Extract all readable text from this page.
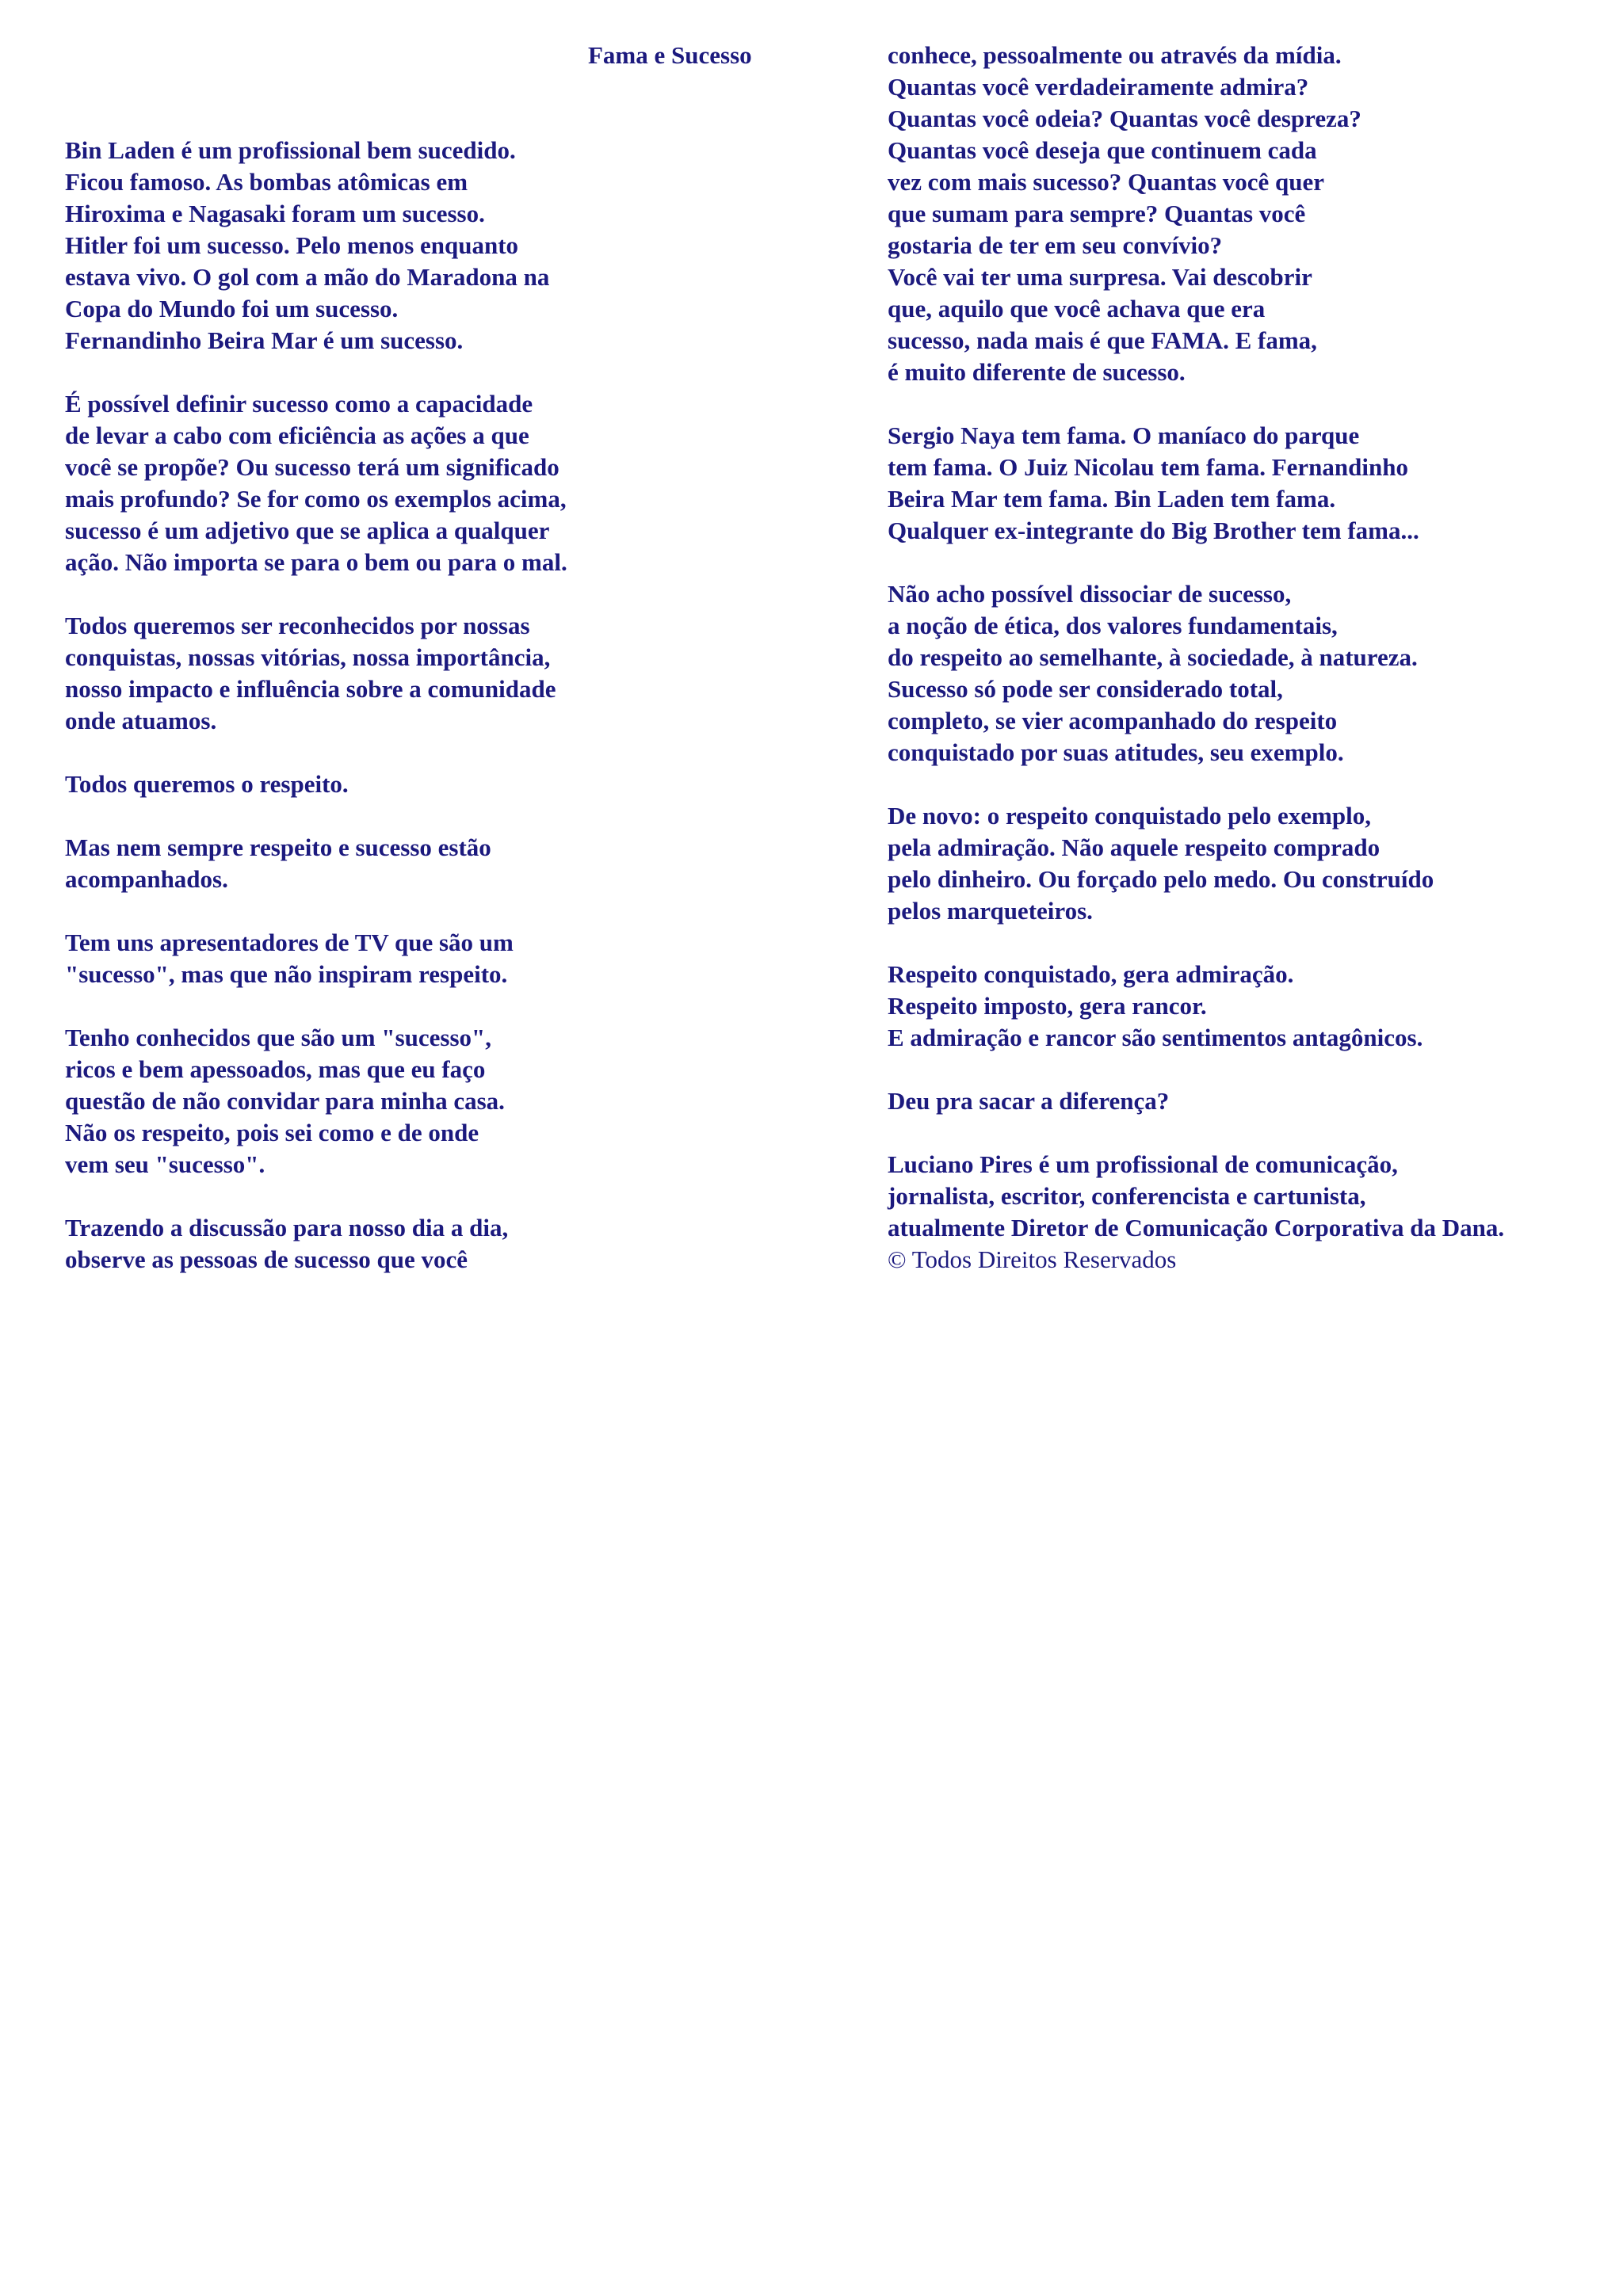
Fama e Sucesso
Bin Laden é um profissional bem sucedido.
Ficou famoso. As bombas atômicas em
Hiroxima e Nagasaki foram um sucesso.
Hitler foi um sucesso. Pelo menos enquanto
estava vivo. O gol com a mão do Maradona na
Copa do Mundo foi um sucesso.
Fernandinho Beira Mar é um sucesso.
É possível definir sucesso como a capacidade
de levar a cabo com eficiência as ações a que
você se propõe? Ou sucesso terá um significado
mais profundo? Se for como os exemplos acima,
sucesso é um adjetivo que se aplica a qualquer
ação. Não importa se para o bem ou para o mal.
Todos queremos ser reconhecidos por nossas
conquistas, nossas vitórias, nossa importância,
nosso impacto e influência sobre a comunidade
onde atuamos.
Todos queremos o respeito.
Mas nem sempre respeito e sucesso estão
acompanhados.
Tem uns apresentadores de TV que são um
"sucesso", mas que não inspiram respeito.
Tenho conhecidos que são um "sucesso",
ricos e bem apessoados, mas que eu faço
questão de não convidar para minha casa.
Não os respeito, pois sei como e de onde
vem seu "sucesso".
Trazendo a discussão para nosso dia a dia,
observe as pessoas de sucesso que você
conhece, pessoalmente ou através da mídia.
Quantas você verdadeiramente admira?
Quantas você odeia? Quantas você despreza?
Quantas você deseja que continuem cada
vez com mais sucesso? Quantas você quer
que sumam para sempre? Quantas você
gostaria de ter em seu convívio?
Você vai ter uma surpresa. Vai descobrir
que, aquilo que você achava que era
sucesso, nada mais é que FAMA. E fama,
é muito diferente de sucesso.
Sergio Naya tem fama. O maníaco do parque
tem fama. O Juiz Nicolau tem fama. Fernandinho
Beira Mar tem fama. Bin Laden tem fama.
Qualquer ex-integrante do Big Brother tem fama...
Não acho possível dissociar de sucesso,
a noção de ética, dos valores fundamentais,
do respeito ao semelhante, à sociedade, à natureza.
Sucesso só pode ser considerado total,
completo, se vier acompanhado do respeito
conquistado por suas atitudes, seu exemplo.
De novo: o respeito conquistado pelo exemplo,
pela admiração. Não aquele respeito comprado
pelo dinheiro. Ou forçado pelo medo. Ou construído
pelos marqueteiros.
Respeito conquistado, gera admiração.
Respeito imposto, gera rancor.
E admiração e rancor são sentimentos antagônicos.
Deu pra sacar a diferença?
Luciano Pires é um profissional de comunicação,
jornalista, escritor, conferencista e cartunista,
atualmente Diretor de Comunicação Corporativa da Dana.
© Todos Direitos Reservados
